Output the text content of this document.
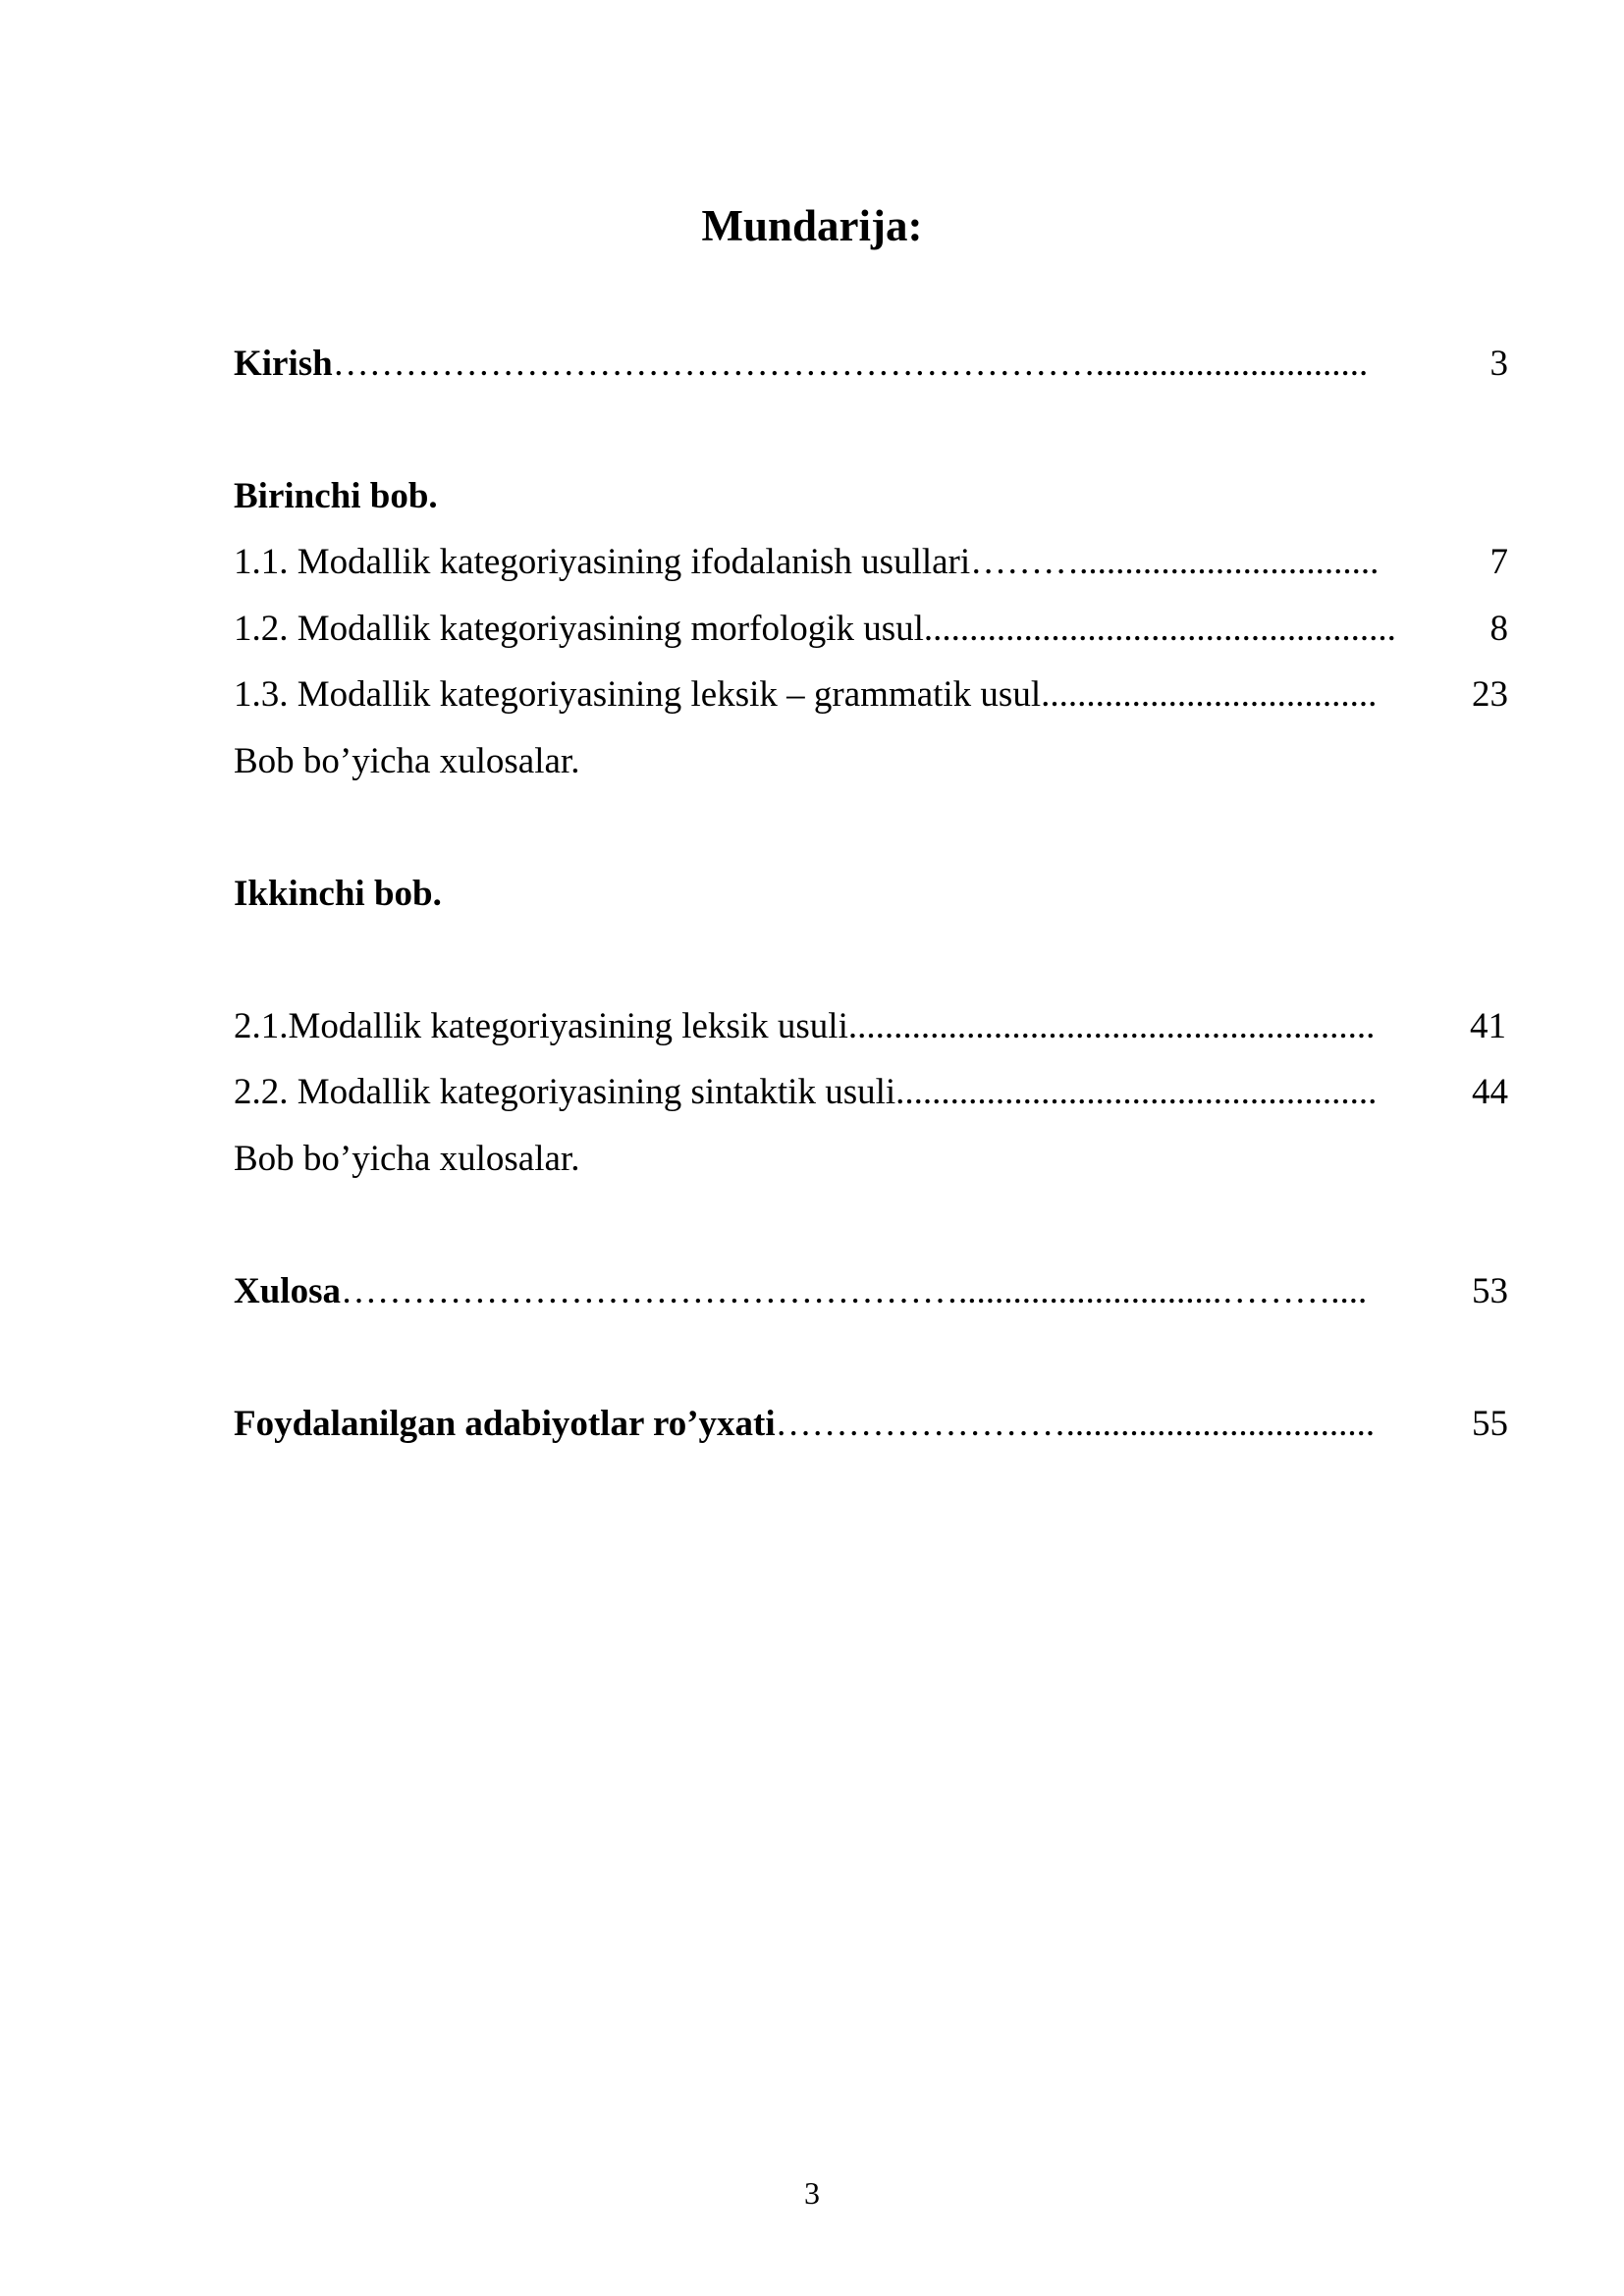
Mundarija:
Kirish………………………………………………………..............................	3
Birinchi bob.
1.1. Modallik kategoriyasining ifodalanish usullari……….................................	7
1.2. Modallik kategoriyasining morfologik usul....................................................	8
1.3. Modallik kategoriyasining leksik – grammatik usul.....................................	23
Bob bo’yicha xulosalar.
Ikkinchi bob.
2.1.Modallik kategoriyasining leksik usuli..........................................................	41
2.2. Modallik kategoriyasining sintaktik usuli.....................................................	44
Bob bo’yicha xulosalar.
Xulosa…………………………………………….............................………....	53
Foydalanilgan adabiyotlar ro’yxati……………………..................................	55
3
